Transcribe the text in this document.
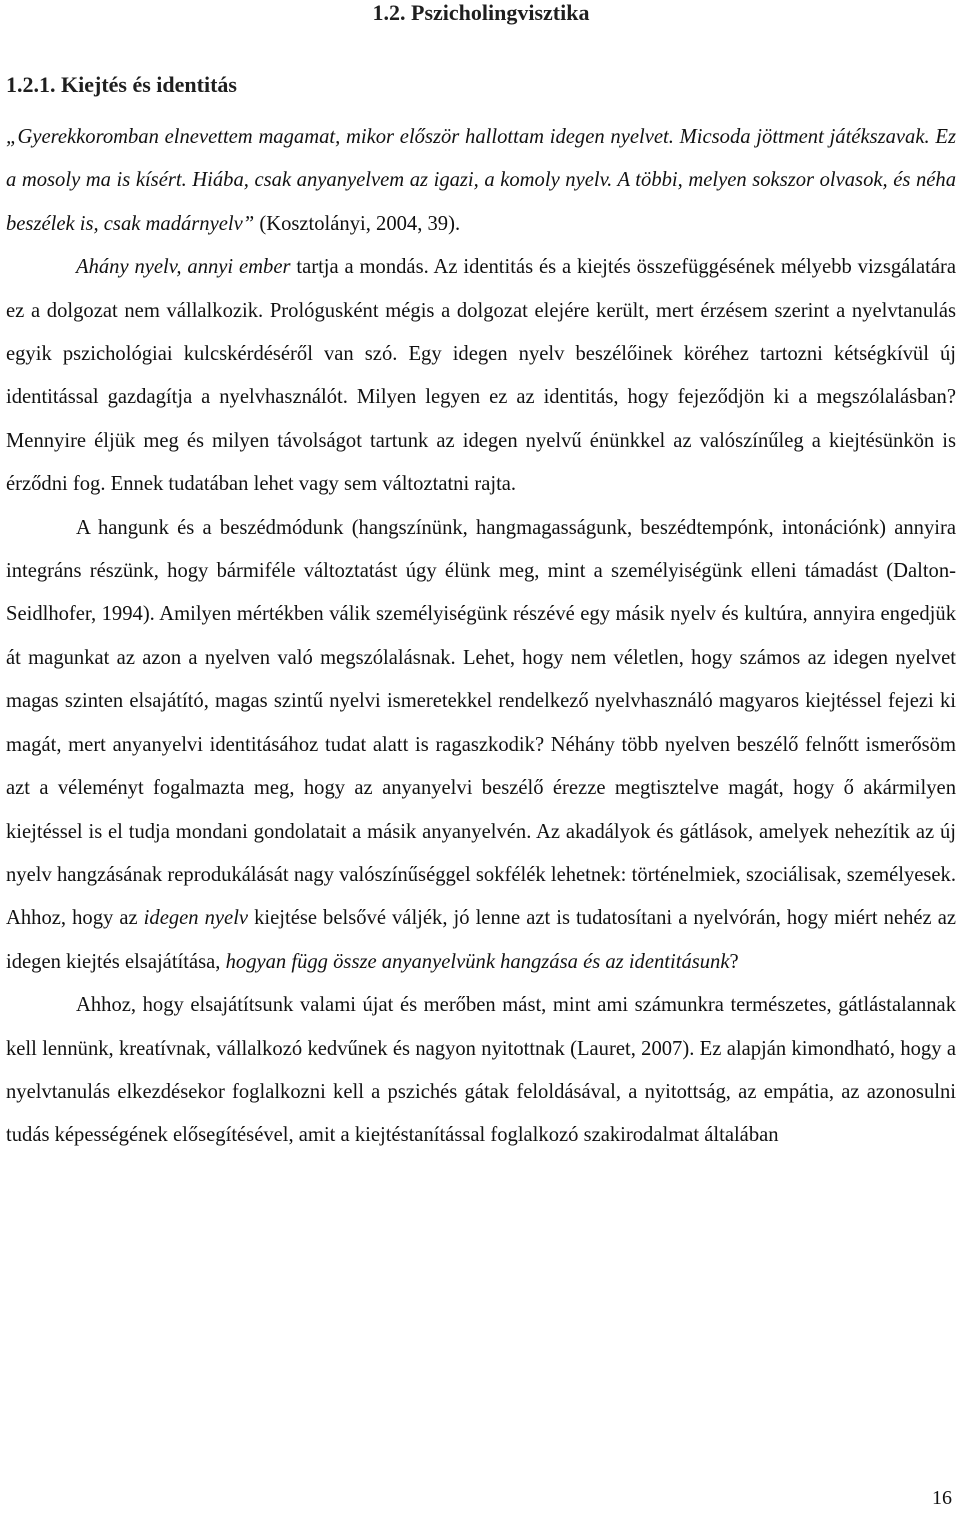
1.2. Pszicholingvisztika
1.2.1. Kiejtés és identitás

„Gyerekkoromban elnevettem magamat, mikor először hallottam idegen nyelvet. Micsoda jöttment játékszavak. Ez a mosoly ma is kísért. Hiába, csak anyanyelvem az igazi, a komoly nyelv. A többi, melyen sokszor olvasok, és néha beszélek is, csak madárnyelv” (Kosztolányi, 2004, 39).

Ahány nyelv, annyi ember tartja a mondás. Az identitás és a kiejtés összefüggésének mélyebb vizsgálatára ez a dolgozat nem vállalkozik. Prológusként mégis a dolgozat elejére került, mert érzésem szerint a nyelvtanulás egyik pszichológiai kulcskérdéséről van szó. Egy idegen nyelv beszélőinek köréhez tartozni kétségkívül új identitással gazdagítja a nyelvhasználót. Milyen legyen ez az identitás, hogy fejeződjön ki a megszólalásban? Mennyire éljük meg és milyen távolságot tartunk az idegen nyelvű énünkkel az valószínűleg a kiejtésünkön is érződni fog. Ennek tudatában lehet vagy sem változtatni rajta.

A hangunk és a beszédmódunk (hangszínünk, hangmagasságunk, beszédtempónk, intonációnk) annyira integráns részünk, hogy bármiféle változtatást úgy élünk meg, mint a személyiségünk elleni támadást (Dalton-Seidlhofer, 1994). Amilyen mértékben válik személyiségünk részévé egy másik nyelv és kultúra, annyira engedjük át magunkat az azon a nyelven való megszólalásnak. Lehet, hogy nem véletlen, hogy számos az idegen nyelvet magas szinten elsajátító, magas szintű nyelvi ismeretekkel rendelkező nyelvhasználó magyaros kiejtéssel fejezi ki magát, mert anyanyelvi identitásához tudat alatt is ragaszkodik? Néhány több nyelven beszélő felnőtt ismerősöm azt a véleményt fogalmazta meg, hogy az anyanyelvi beszélő érezze megtisztelve magát, hogy ő akármilyen kiejtéssel is el tudja mondani gondolatait a másik anyanyelvén. Az akadályok és gátlások, amelyek nehezítik az új nyelv hangzásának reprodukálását nagy valószínűséggel sokfélék lehetnek: történelmiek, szociálisak, személyesek. Ahhoz, hogy az idegen nyelv kiejtése belsővé váljék, jó lenne azt is tudatosítani a nyelvórán, hogy miért nehéz az idegen kiejtés elsajátítása, hogyan függ össze anyanyelvünk hangzása és az identitásunk?

Ahhoz, hogy elsajátítsunk valami újat és merőben mást, mint ami számunkra természetes, gátlástalannak kell lennünk, kreatívnak, vállalkozó kedvűnek és nagyon nyitottnak (Lauret, 2007). Ez alapján kimondható, hogy a nyelvtanulás elkezdésekor foglalkozni kell a pszichés gátak feloldásával, a nyitottság, az empátia, az azonosulni tudás képességének elősegítésével, amit a kiejtéstanítással foglalkozó szakirodalmat általában

16
